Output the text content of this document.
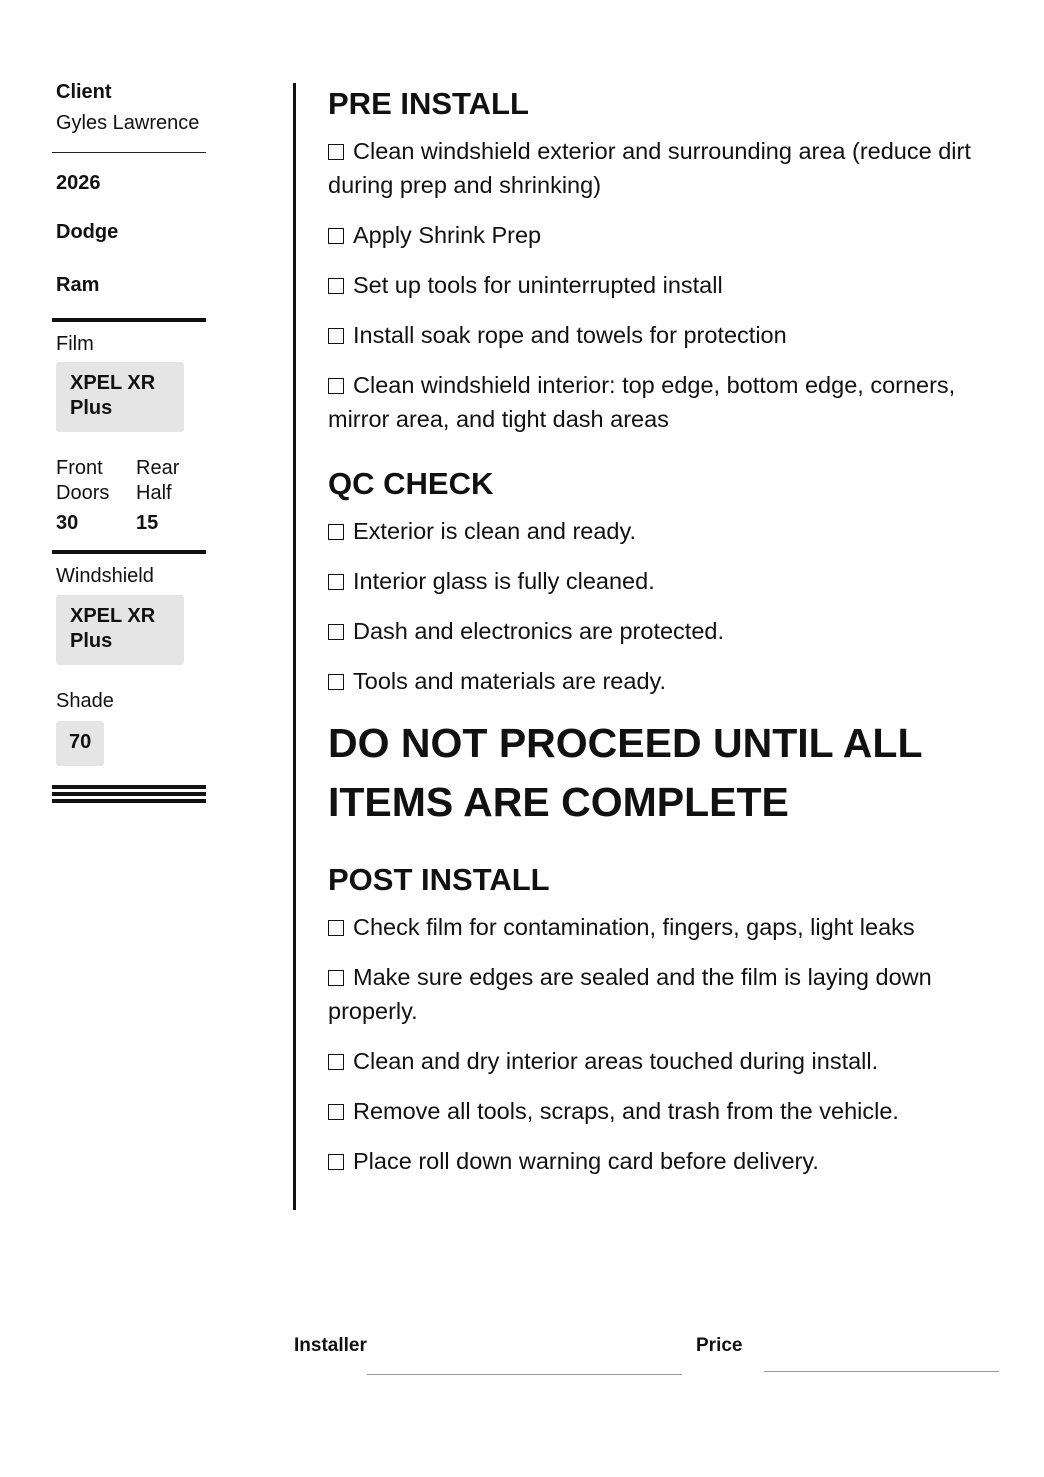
Client
Gyles Lawrence
2026
Dodge
Ram
Film
XPEL XR Plus
Front Doors
30
Rear Half
15
Windshield
XPEL XR Plus
Shade
70
PRE INSTALL
Clean windshield exterior and surrounding area (reduce dirt during prep and shrinking)
Apply Shrink Prep
Set up tools for uninterrupted install
Install soak rope and towels for protection
Clean windshield interior: top edge, bottom edge, corners, mirror area, and tight dash areas
QC CHECK
Exterior is clean and ready.
Interior glass is fully cleaned.
Dash and electronics are protected.
Tools and materials are ready.
DO NOT PROCEED UNTIL ALL ITEMS ARE COMPLETE
POST INSTALL
Check film for contamination, fingers, gaps, light leaks
Make sure edges are sealed and the film is laying down properly.
Clean and dry interior areas touched during install.
Remove all tools, scraps, and trash from the vehicle.
Place roll down warning card before delivery.
Installer	Price
